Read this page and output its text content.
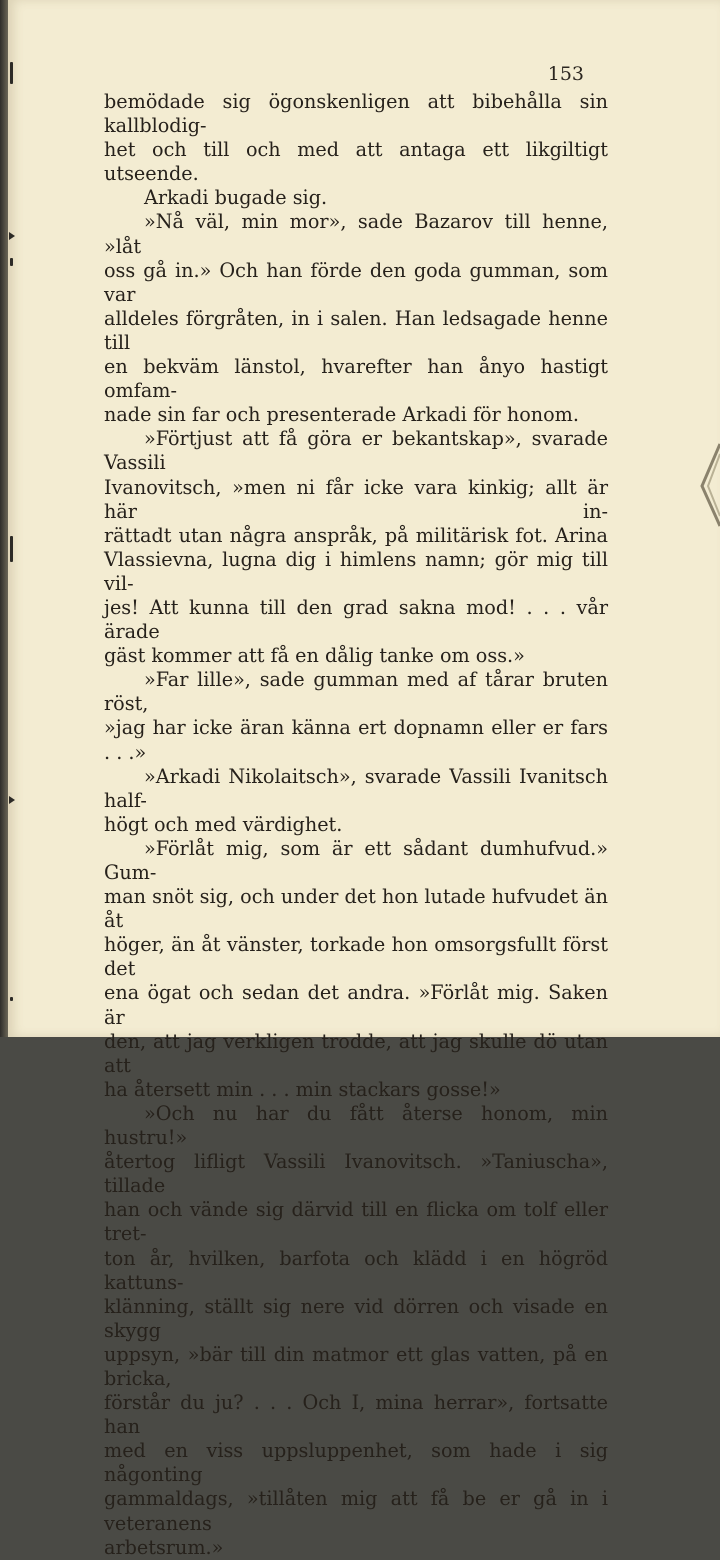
153

bemödade sig ögonskenligen att bibehålla sin kallblodig-

het och till och med att antaga ett likgiltigt utseende.

Arkadi bugade sig.

»Nå väl, min mor», sade Bazarov till henne, »låt

oss gå in.» Och han förde den goda gumman, som var

alldeles förgråten, in i salen. Han ledsagade henne till

en bekväm länstol, hvarefter han ånyo hastigt omfam-

nade sin far och presenterade Arkadi för honom.

»Förtjust att få göra er bekantskap», svarade Vassili

Ivanovitsch, »men ni får icke vara kinkig; allt är här in-

rättadt utan några anspråk, på militärisk fot. Arina

Vlassievna, lugna dig i himlens namn; gör mig till vil-

jes! Att kunna till den grad sakna mod! . . . vår ärade

gäst kommer att få en dålig tanke om oss.»

»Far lille», sade gumman med af tårar bruten röst,

»jag har icke äran känna ert dopnamn eller er fars . . .»

»Arkadi Nikolaitsch», svarade Vassili Ivanitsch half-

högt och med värdighet.

»Förlåt mig, som är ett sådant dumhufvud.» Gum-

man snöt sig, och under det hon lutade hufvudet än åt

höger, än åt vänster, torkade hon omsorgsfullt först det

ena ögat och sedan det andra. »Förlåt mig. Saken är

den, att jag verkligen trodde, att jag skulle dö utan att

ha återsett min . . . min stackars gosse!»

»Och nu har du fått återse honom, min hustru!»

återtog lifligt Vassili Ivanovitsch. »Taniuscha», tillade

han och vände sig därvid till en flicka om tolf eller tret-

ton år, hvilken, barfota och klädd i en högröd kattuns-

klänning, ställt sig nere vid dörren och visade en skygg

uppsyn, »bär till din matmor ett glas vatten, på en bricka,

förstår du ju? . . . Och I, mina herrar», fortsatte han

med en viss uppsluppenhet, som hade i sig någonting

gammaldags, »tillåten mig att få be er gå in i veteranens

arbetsrum.»
